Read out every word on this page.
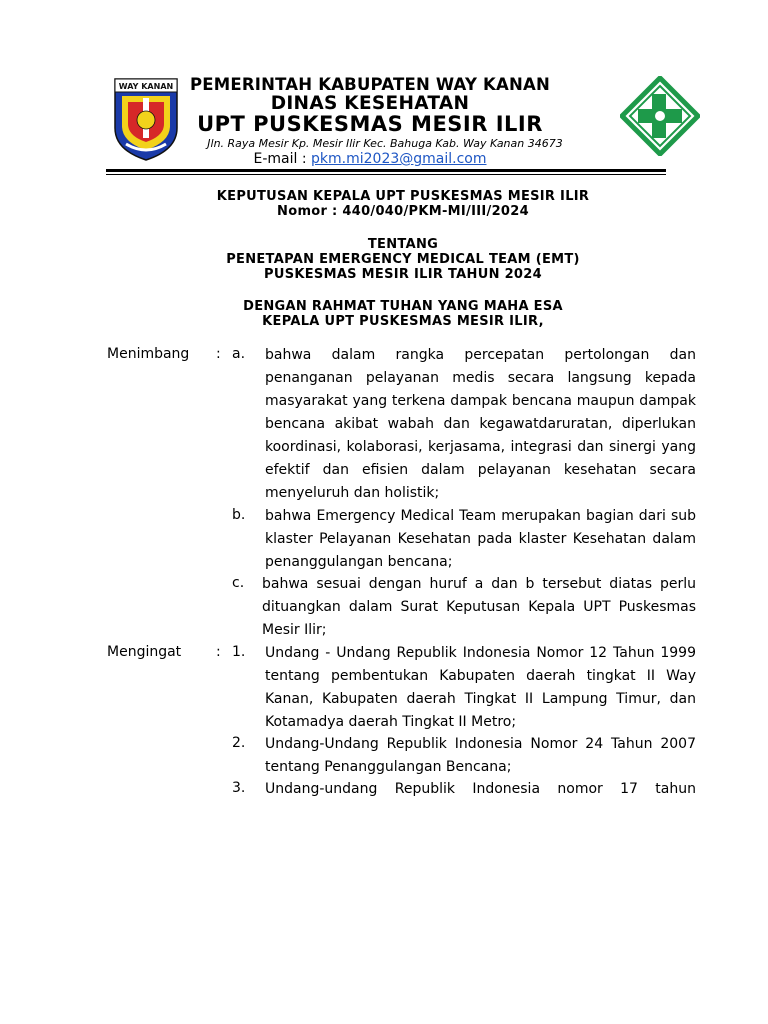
WAY KANAN	PEMERINTAH KABUPATEN WAY KANAN
DINAS KESEHATAN
UPT PUSKESMAS MESIR ILIR
Jln. Raya Mesir Kp. Mesir Ilir Kec. Bahuga Kab. Way Kanan 34673
E-mail : pkm.mi2023@gmail.com
KEPUTUSAN KEPALA UPT PUSKESMAS MESIR ILIR
Nomor : 440/040/PKM-MI/III/2024
TENTANG
PENETAPAN EMERGENCY MEDICAL TEAM (EMT)
PUSKESMAS MESIR ILIR TAHUN 2024
DENGAN RAHMAT TUHAN YANG MAHA ESA
KEPALA UPT PUSKESMAS MESIR ILIR,
Menimbang : a. bahwa dalam rangka percepatan pertolongan dan penanganan pelayanan medis secara langsung kepada masyarakat yang terkena dampak bencana maupun dampak bencana akibat wabah dan kegawatdaruratan, diperlukan koordinasi, kolaborasi, kerjasama, integrasi dan sinergi yang efektif dan efisien dalam pelayanan kesehatan secara menyeluruh dan holistik;
b. bahwa Emergency Medical Team merupakan bagian dari sub klaster Pelayanan Kesehatan pada klaster Kesehatan dalam penanggulangan bencana;
c. bahwa sesuai dengan huruf a dan b tersebut diatas perlu dituangkan dalam Surat Keputusan Kepala UPT Puskesmas Mesir Ilir;
Mengingat : 1. Undang - Undang Republik Indonesia Nomor 12 Tahun 1999 tentang pembentukan Kabupaten daerah tingkat II Way Kanan, Kabupaten daerah Tingkat II Lampung Timur, dan Kotamadya daerah Tingkat II Metro;
2. Undang-Undang Republik Indonesia Nomor 24 Tahun 2007 tentang Penanggulangan Bencana;
3. Undang-undang Republik Indonesia nomor 17 tahun
